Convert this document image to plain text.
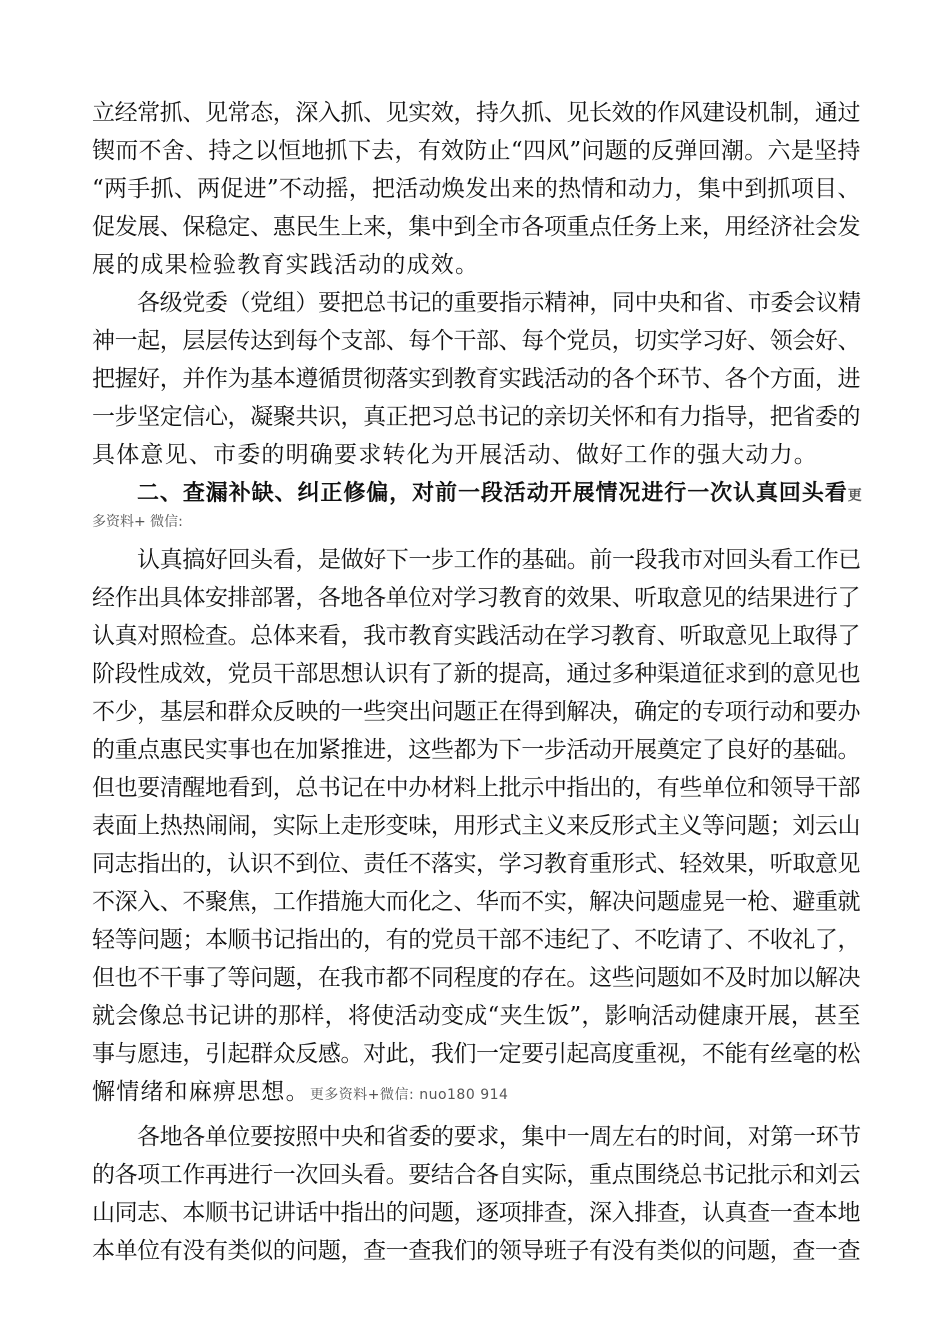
立经常抓、见常态，深入抓、见实效，持久抓、见长效的作风建设机制，通过
锲而不舍、持之以恒地抓下去，有效防止“四风”问题的反弹回潮。六是坚持
“两手抓、两促进”不动摇，把活动焕发出来的热情和动力，集中到抓项目、
促发展、保稳定、惠民生上来，集中到全市各项重点任务上来，用经济社会发
展的成果检验教育实践活动的成效。
各级党委（党组）要把总书记的重要指示精神，同中央和省、市委会议精
神一起，层层传达到每个支部、每个干部、每个党员，切实学习好、领会好、
把握好，并作为基本遵循贯彻落实到教育实践活动的各个环节、各个方面，进
一步坚定信心，凝聚共识，真正把习总书记的亲切关怀和有力指导，把省委的
具体意见、市委的明确要求转化为开展活动、做好工作的强大动力。
二、查漏补缺、纠正修偏，对前一段活动开展情况进行一次认真回头看更
多资料+ 微信:
认真搞好回头看，是做好下一步工作的基础。前一段我市对回头看工作已
经作出具体安排部署，各地各单位对学习教育的效果、听取意见的结果进行了
认真对照检查。总体来看，我市教育实践活动在学习教育、听取意见上取得了
阶段性成效，党员干部思想认识有了新的提高，通过多种渠道征求到的意见也
不少，基层和群众反映的一些突出问题正在得到解决，确定的专项行动和要办
的重点惠民实事也在加紧推进，这些都为下一步活动开展奠定了良好的基础。
但也要清醒地看到，总书记在中办材料上批示中指出的，有些单位和领导干部
表面上热热闹闹，实际上走形变味，用形式主义来反形式主义等问题；刘云山
同志指出的，认识不到位、责任不落实，学习教育重形式、轻效果，听取意见
不深入、不聚焦，工作措施大而化之、华而不实，解决问题虚晃一枪、避重就
轻等问题；本顺书记指出的，有的党员干部不违纪了、不吃请了、不收礼了，
但也不干事了等问题，在我市都不同程度的存在。这些问题如不及时加以解决
就会像总书记讲的那样，将使活动变成“夹生饭”，影响活动健康开展，甚至
事与愿违，引起群众反感。对此，我们一定要引起高度重视，不能有丝毫的松
懈情绪和麻痹思想。更多资料+微信: nuo180 914
各地各单位要按照中央和省委的要求，集中一周左右的时间，对第一环节
的各项工作再进行一次回头看。要结合各自实际，重点围绕总书记批示和刘云
山同志、本顺书记讲话中指出的问题，逐项排查，深入排查，认真查一查本地
本单位有没有类似的问题，查一查我们的领导班子有没有类似的问题，查一查
